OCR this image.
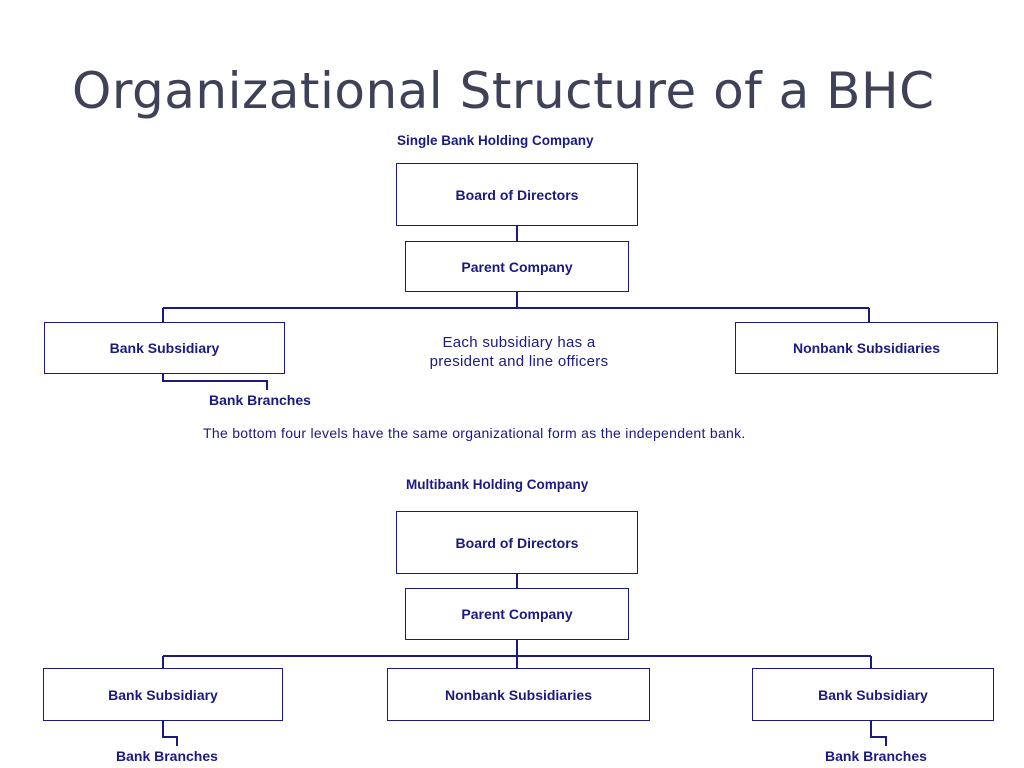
Organizational Structure of a BHC
Single Bank Holding Company
Board of Directors
Parent Company
Bank Subsidiary	Nonbank Subsidiaries
Each subsidiary has a
president and line officers
Bank Branches
The bottom four levels have the same organizational form as the independent bank.
Multibank Holding Company
Board of Directors
Parent Company
Bank Subsidiary	Nonbank Subsidiaries	Bank Subsidiary
Bank Branches	Bank Branches
